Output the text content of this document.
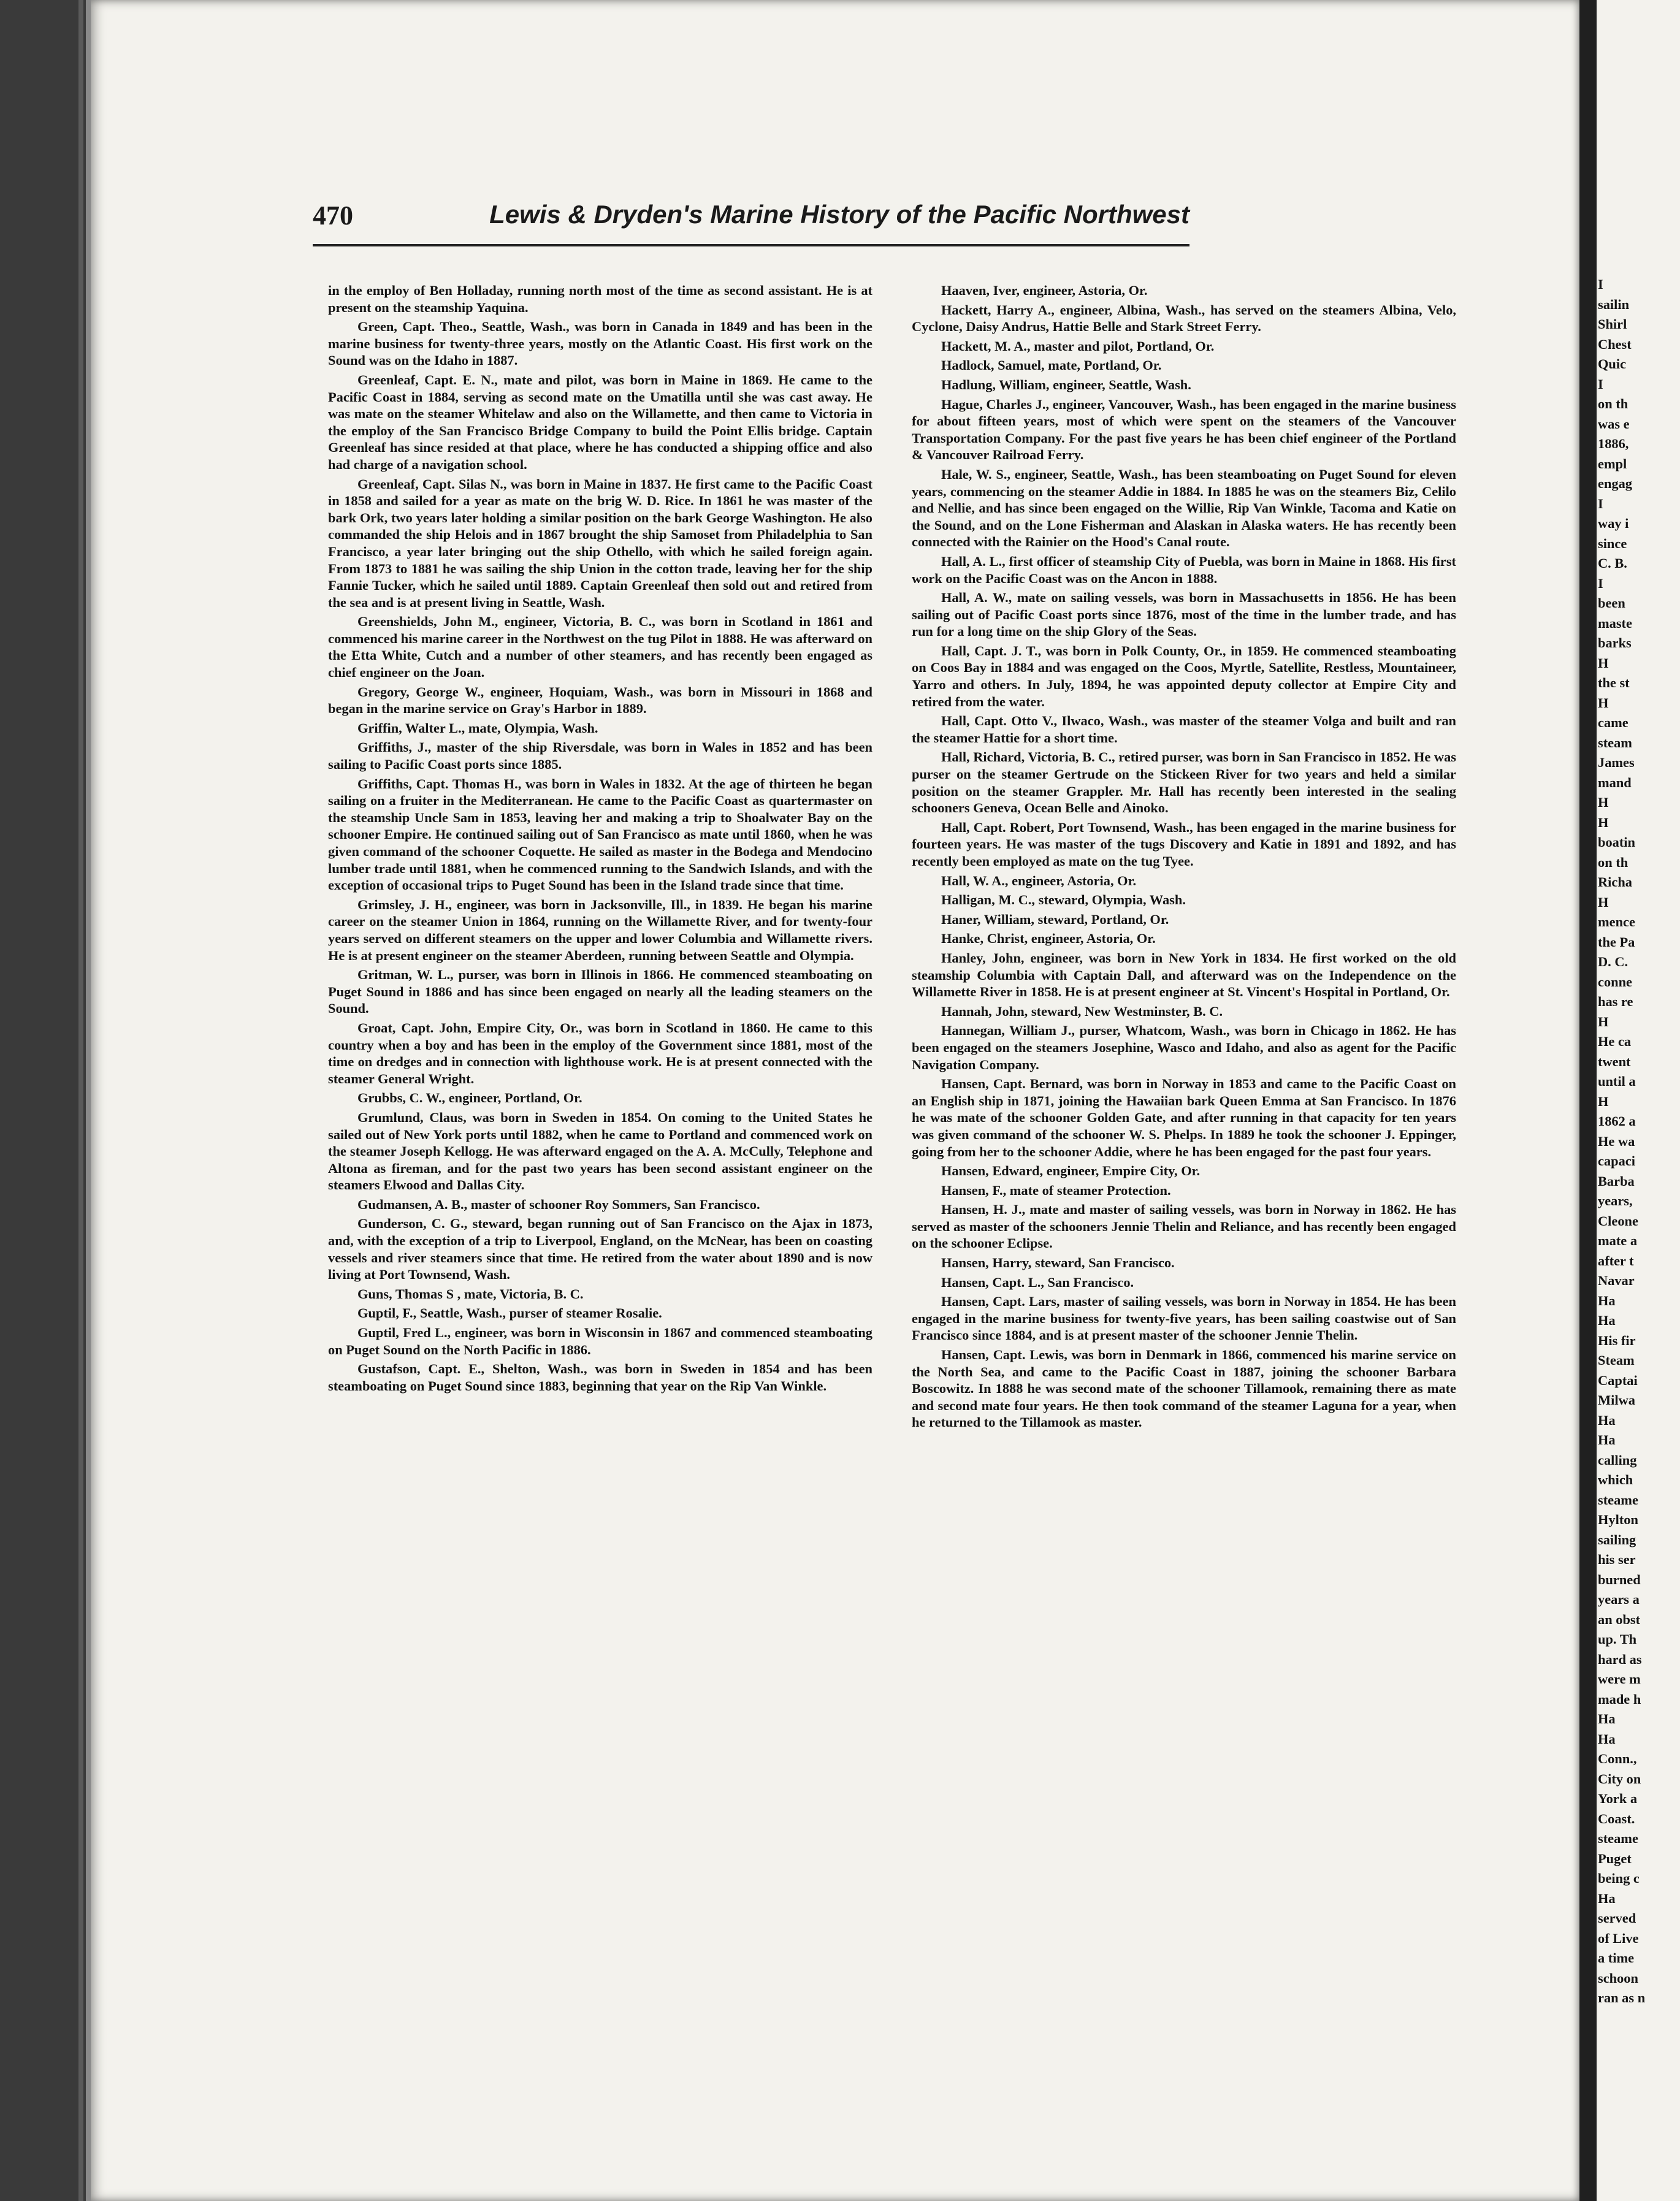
470	Lewis & Dryden's Marine History of the Pacific Northwest

in the employ of Ben Holladay, running north most of the time as second assistant. He is at present on the steamship Yaquina.

Green, Capt. Theo., Seattle, Wash., was born in Canada in 1849 and has been in the marine business for twenty-three years, mostly on the Atlantic Coast. His first work on the Sound was on the Idaho in 1887.

Greenleaf, Capt. E. N., mate and pilot, was born in Maine in 1869. He came to the Pacific Coast in 1884, serving as second mate on the Umatilla until she was cast away. He was mate on the steamer Whitelaw and also on the Willamette, and then came to Victoria in the employ of the San Francisco Bridge Company to build the Point Ellis bridge. Captain Greenleaf has since resided at that place, where he has conducted a shipping office and also had charge of a navigation school.

Greenleaf, Capt. Silas N., was born in Maine in 1837. He first came to the Pacific Coast in 1858 and sailed for a year as mate on the brig W. D. Rice. In 1861 he was master of the bark Ork, two years later holding a similar position on the bark George Washington. He also commanded the ship Helois and in 1867 brought the ship Samoset from Philadelphia to San Francisco, a year later bringing out the ship Othello, with which he sailed foreign again. From 1873 to 1881 he was sailing the ship Union in the cotton trade, leaving her for the ship Fannie Tucker, which he sailed until 1889. Captain Greenleaf then sold out and retired from the sea and is at present living in Seattle, Wash.

Greenshields, John M., engineer, Victoria, B. C., was born in Scotland in 1861 and commenced his marine career in the Northwest on the tug Pilot in 1888. He was afterward on the Etta White, Cutch and a number of other steamers, and has recently been engaged as chief engineer on the Joan.

Gregory, George W., engineer, Hoquiam, Wash., was born in Missouri in 1868 and began in the marine service on Gray's Harbor in 1889.

Griffin, Walter L., mate, Olympia, Wash.

Griffiths, J., master of the ship Riversdale, was born in Wales in 1852 and has been sailing to Pacific Coast ports since 1885.

Griffiths, Capt. Thomas H., was born in Wales in 1832. At the age of thirteen he began sailing on a fruiter in the Mediterranean. He came to the Pacific Coast as quartermaster on the steamship Uncle Sam in 1853, leaving her and making a trip to Shoalwater Bay on the schooner Empire. He continued sailing out of San Francisco as mate until 1860, when he was given command of the schooner Coquette. He sailed as master in the Bodega and Mendocino lumber trade until 1881, when he commenced running to the Sandwich Islands, and with the exception of occasional trips to Puget Sound has been in the Island trade since that time.

Grimsley, J. H., engineer, was born in Jacksonville, Ill., in 1839. He began his marine career on the steamer Union in 1864, running on the Willamette River, and for twenty-four years served on different steamers on the upper and lower Columbia and Willamette rivers. He is at present engineer on the steamer Aberdeen, running between Seattle and Olympia.

Gritman, W. L., purser, was born in Illinois in 1866. He commenced steamboating on Puget Sound in 1886 and has since been engaged on nearly all the leading steamers on the Sound.

Groat, Capt. John, Empire City, Or., was born in Scotland in 1860. He came to this country when a boy and has been in the employ of the Government since 1881, most of the time on dredges and in connection with lighthouse work. He is at present connected with the steamer General Wright.

Grubbs, C. W., engineer, Portland, Or.

Grumlund, Claus, was born in Sweden in 1854. On coming to the United States he sailed out of New York ports until 1882, when he came to Portland and commenced work on the steamer Joseph Kellogg. He was afterward engaged on the A. A. McCully, Telephone and Altona as fireman, and for the past two years has been second assistant engineer on the steamers Elwood and Dallas City.

Gudmansen, A. B., master of schooner Roy Sommers, San Francisco.

Gunderson, C. G., steward, began running out of San Francisco on the Ajax in 1873, and, with the exception of a trip to Liverpool, England, on the McNear, has been on coasting vessels and river steamers since that time. He retired from the water about 1890 and is now living at Port Townsend, Wash.

Guns, Thomas S , mate, Victoria, B. C.

Guptil, F., Seattle, Wash., purser of steamer Rosalie.

Guptil, Fred L., engineer, was born in Wisconsin in 1867 and commenced steamboating on Puget Sound on the North Pacific in 1886.

Gustafson, Capt. E., Shelton, Wash., was born in Sweden in 1854 and has been steamboating on Puget Sound since 1883, beginning that year on the Rip Van Winkle.

Haaven, Iver, engineer, Astoria, Or.

Hackett, Harry A., engineer, Albina, Wash., has served on the steamers Albina, Velo, Cyclone, Daisy Andrus, Hattie Belle and Stark Street Ferry.

Hackett, M. A., master and pilot, Portland, Or.

Hadlock, Samuel, mate, Portland, Or.

Hadlung, William, engineer, Seattle, Wash.

Hague, Charles J., engineer, Vancouver, Wash., has been engaged in the marine business for about fifteen years, most of which were spent on the steamers of the Vancouver Transportation Company. For the past five years he has been chief engineer of the Portland & Vancouver Railroad Ferry.

Hale, W. S., engineer, Seattle, Wash., has been steamboating on Puget Sound for eleven years, commencing on the steamer Addie in 1884. In 1885 he was on the steamers Biz, Celilo and Nellie, and has since been engaged on the Willie, Rip Van Winkle, Tacoma and Katie on the Sound, and on the Lone Fisherman and Alaskan in Alaska waters. He has recently been connected with the Rainier on the Hood's Canal route.

Hall, A. L., first officer of steamship City of Puebla, was born in Maine in 1868. His first work on the Pacific Coast was on the Ancon in 1888.

Hall, A. W., mate on sailing vessels, was born in Massachusetts in 1856. He has been sailing out of Pacific Coast ports since 1876, most of the time in the lumber trade, and has run for a long time on the ship Glory of the Seas.

Hall, Capt. J. T., was born in Polk County, Or., in 1859. He commenced steamboating on Coos Bay in 1884 and was engaged on the Coos, Myrtle, Satellite, Restless, Mountaineer, Yarro and others. In July, 1894, he was appointed deputy collector at Empire City and retired from the water.

Hall, Capt. Otto V., Ilwaco, Wash., was master of the steamer Volga and built and ran the steamer Hattie for a short time.

Hall, Richard, Victoria, B. C., retired purser, was born in San Francisco in 1852. He was purser on the steamer Gertrude on the Stickeen River for two years and held a similar position on the steamer Grappler. Mr. Hall has recently been interested in the sealing schooners Geneva, Ocean Belle and Ainoko.

Hall, Capt. Robert, Port Townsend, Wash., has been engaged in the marine business for fourteen years. He was master of the tugs Discovery and Katie in 1891 and 1892, and has recently been employed as mate on the tug Tyee.

Hall, W. A., engineer, Astoria, Or.

Halligan, M. C., steward, Olympia, Wash.

Haner, William, steward, Portland, Or.

Hanke, Christ, engineer, Astoria, Or.

Hanley, John, engineer, was born in New York in 1834. He first worked on the old steamship Columbia with Captain Dall, and afterward was on the Independence on the Willamette River in 1858. He is at present engineer at St. Vincent's Hospital in Portland, Or.

Hannah, John, steward, New Westminster, B. C.

Hannegan, William J., purser, Whatcom, Wash., was born in Chicago in 1862. He has been engaged on the steamers Josephine, Wasco and Idaho, and also as agent for the Pacific Navigation Company.

Hansen, Capt. Bernard, was born in Norway in 1853 and came to the Pacific Coast on an English ship in 1871, joining the Hawaiian bark Queen Emma at San Francisco. In 1876 he was mate of the schooner Golden Gate, and after running in that capacity for ten years was given command of the schooner W. S. Phelps. In 1889 he took the schooner J. Eppinger, going from her to the schooner Addie, where he has been engaged for the past four years.

Hansen, Edward, engineer, Empire City, Or.

Hansen, F., mate of steamer Protection.

Hansen, H. J., mate and master of sailing vessels, was born in Norway in 1862. He has served as master of the schooners Jennie Thelin and Reliance, and has recently been engaged on the schooner Eclipse.

Hansen, Harry, steward, San Francisco.

Hansen, Capt. L., San Francisco.

Hansen, Capt. Lars, master of sailing vessels, was born in Norway in 1854. He has been engaged in the marine business for twenty-five years, has been sailing coastwise out of San Francisco since 1884, and is at present master of the schooner Jennie Thelin.

Hansen, Capt. Lewis, was born in Denmark in 1866, commenced his marine service on the North Sea, and came to the Pacific Coast in 1887, joining the schooner Barbara Boscowitz. In 1888 he was second mate of the schooner Tillamook, remaining there as mate and second mate four years. He then took command of the steamer Laguna for a year, when he returned to the Tillamook as master.

I
sailin
Shirl
Chest
Quic
I
on th
was e
1886,
empl
engag
I
way i
since
C. B.
I
been
maste
barks
H
the st
H
came
steam
James
mand
H
H
boatin
on th
Richa
H
mence
the Pa
D. C.
conne
has re
H
He ca
twent
until a
H
1862 a
He wa
capaci
Barba
years,
Cleone
mate a
after t
Navar
Ha
Ha
His fir
Steam
Captai
Milwa
Ha
Ha
calling
which
steame
Hylton
sailing
his ser
burned
years a
an obst
up. Th
hard as
were m
made h
Ha
Ha
Conn.,
City on
York a
Coast.
steame
Puget
being c
Ha
served
of Live
a time
schoon
ran as n
